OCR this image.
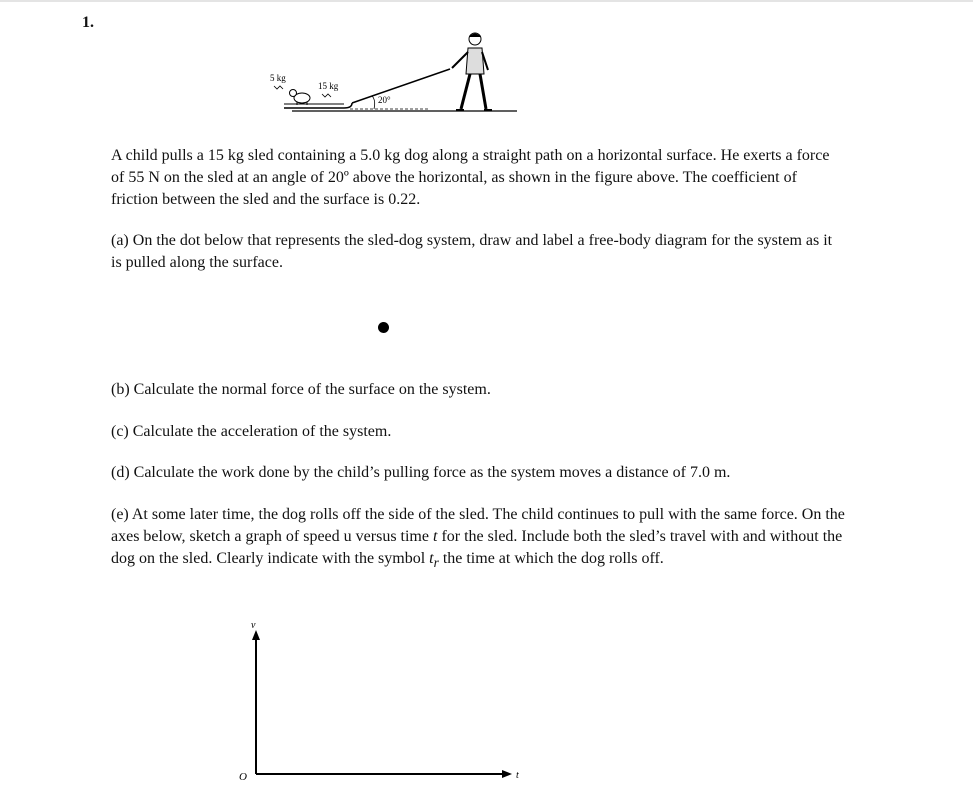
1.
5 kg
15 kg
20°

A child pulls a 15 kg sled containing a 5.0 kg dog along a straight path on a horizontal surface. He exerts a force of 55 N on the sled at an angle of 20º above the horizontal, as shown in the figure above. The coefficient of friction between the sled and the surface is 0.22.

(a) On the dot below that represents the sled-dog system, draw and label a free-body diagram for the system as it is pulled along the surface.

(b) Calculate the normal force of the surface on the system.

(c) Calculate the acceleration of the system.

(d) Calculate the work done by the child’s pulling force as the system moves a distance of 7.0 m.

(e) At some later time, the dog rolls off the side of the sled. The child continues to pull with the same force. On the axes below, sketch a graph of speed u versus time t for the sled. Include both the sled’s travel with and without the dog on the sled. Clearly indicate with the symbol $t_r$ the time at which the dog rolls off.

v
t
O
